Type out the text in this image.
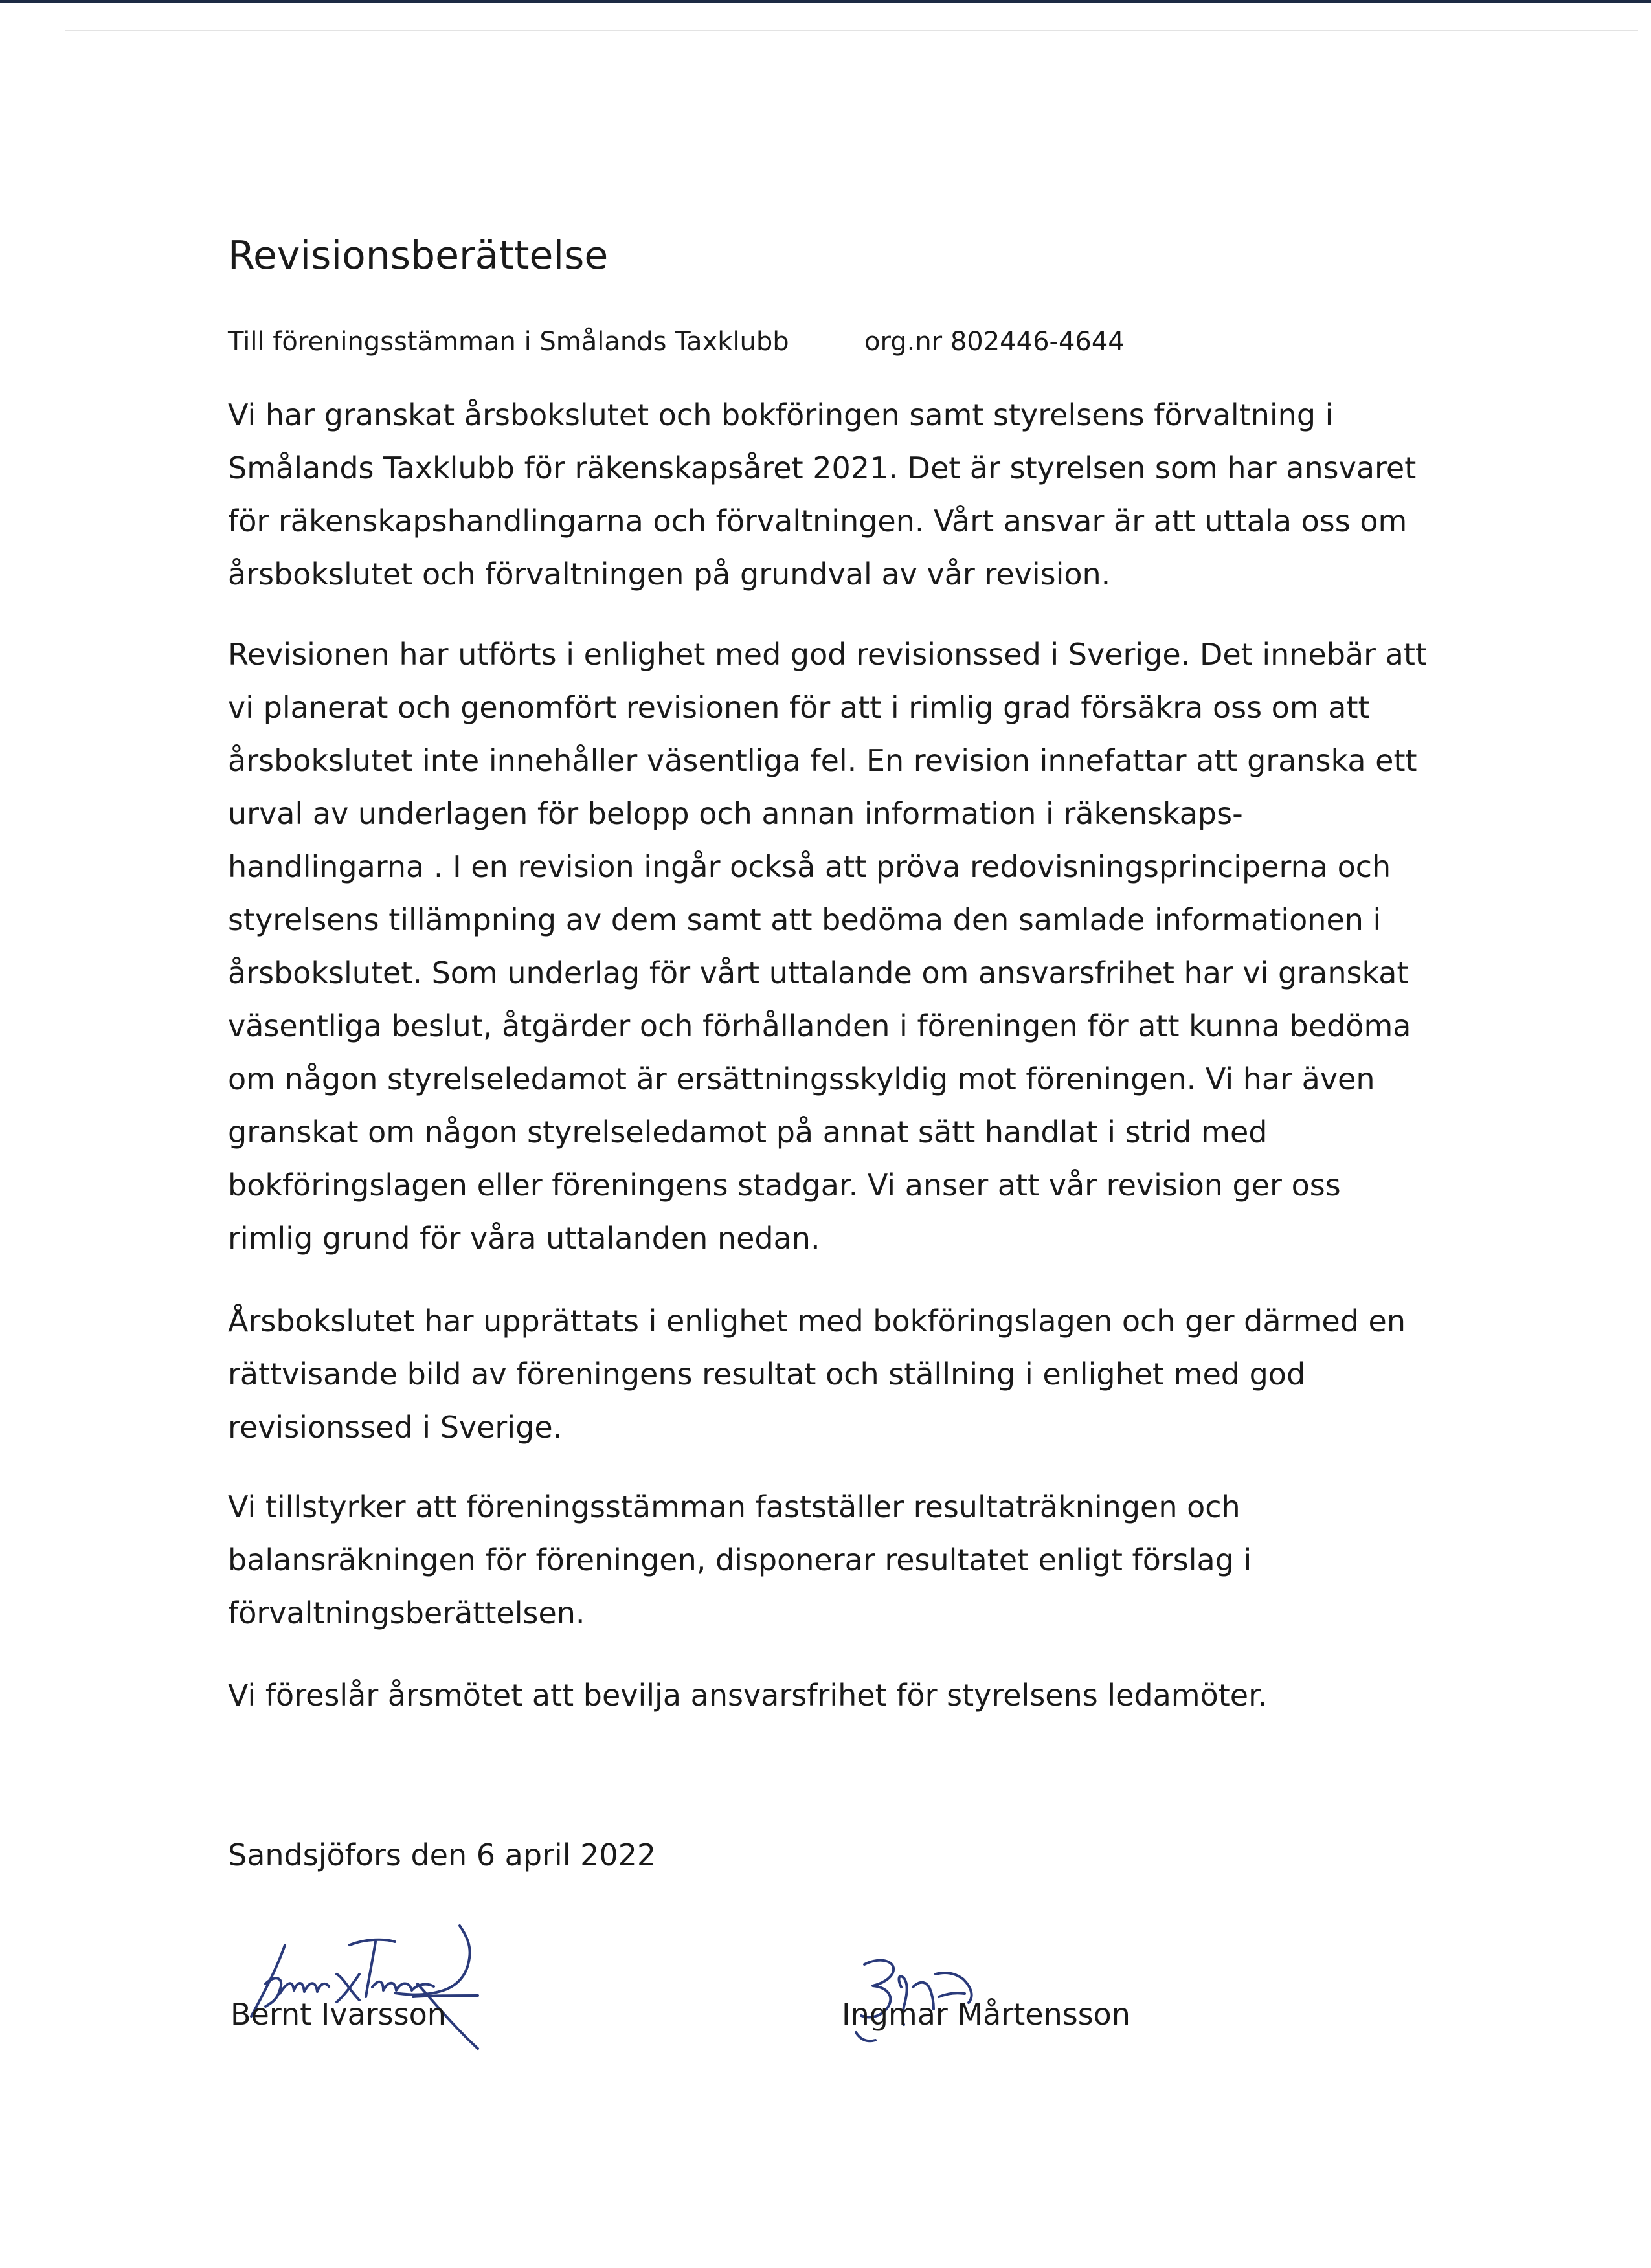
Revisionsberättelse
Till föreningsstämman i Smålands Taxklubb	org.nr 802446-4644

Vi har granskat årsbokslutet och bokföringen samt styrelsens förvaltning i
Smålands Taxklubb för räkenskapsåret 2021. Det är styrelsen som har ansvaret
för räkenskapshandlingarna och förvaltningen. Vårt ansvar är att uttala oss om
årsbokslutet och förvaltningen på grundval av vår revision.

Revisionen har utförts i enlighet med god revisionssed i Sverige. Det innebär att
vi planerat och genomfört revisionen för att i rimlig grad försäkra oss om att
årsbokslutet inte innehåller väsentliga fel. En revision innefattar att granska ett
urval av underlagen för belopp och annan information i räkenskaps-
handlingarna . I en revision ingår också att pröva redovisningsprinciperna och
styrelsens tillämpning av dem samt att bedöma den samlade informationen i
årsbokslutet. Som underlag för vårt uttalande om ansvarsfrihet har vi granskat
väsentliga beslut, åtgärder och förhållanden i föreningen för att kunna bedöma
om någon styrelseledamot är ersättningsskyldig mot föreningen. Vi har även
granskat om någon styrelseledamot på annat sätt handlat i strid med
bokföringslagen eller föreningens stadgar. Vi anser att vår revision ger oss
rimlig grund för våra uttalanden nedan.

Årsbokslutet har upprättats i enlighet med bokföringslagen och ger därmed en
rättvisande bild av föreningens resultat och ställning i enlighet med god
revisionssed i Sverige.

Vi tillstyrker att föreningsstämman fastställer resultaträkningen och
balansräkningen för föreningen, disponerar resultatet enligt förslag i
förvaltningsberättelsen.

Vi föreslår årsmötet att bevilja ansvarsfrihet för styrelsens ledamöter.

Sandsjöfors den 6 april 2022
Bernt Ivarsson	Ingmar Mårtensson
